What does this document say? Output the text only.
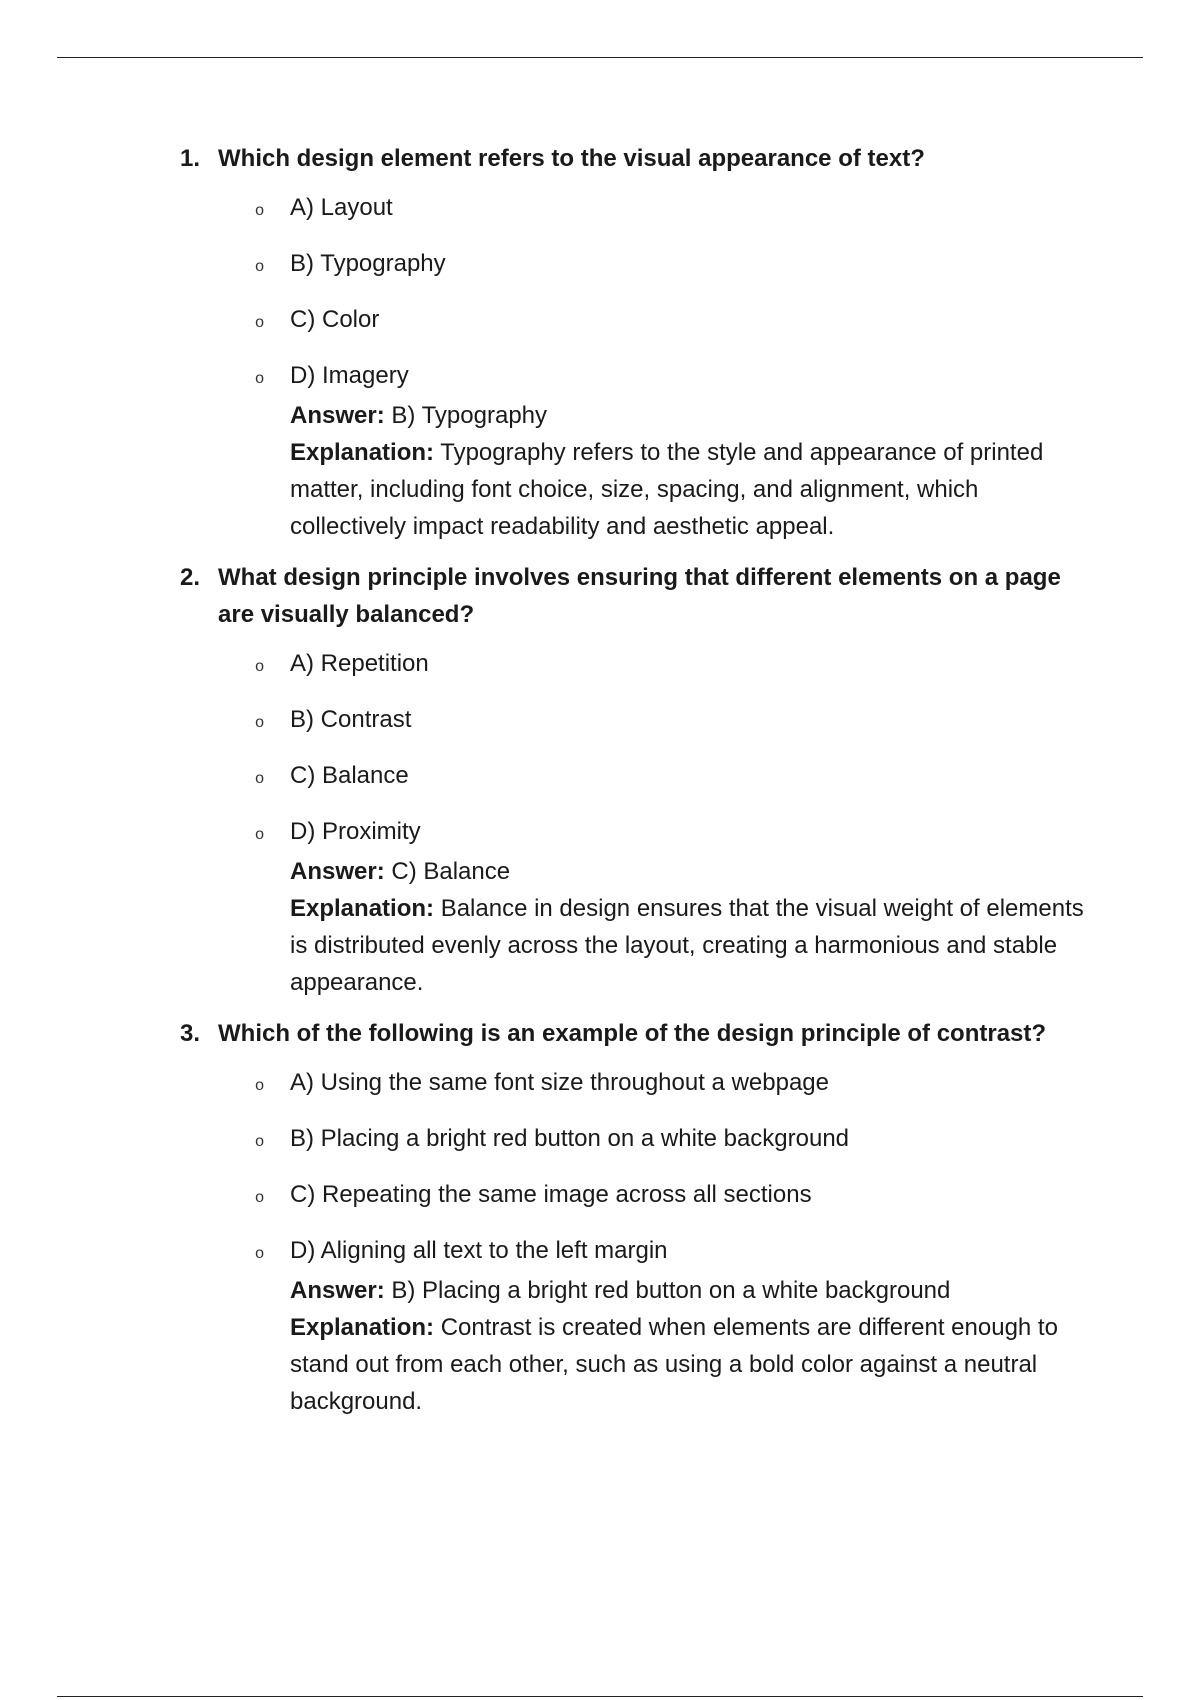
1. Which design element refers to the visual appearance of text?
o	A) Layout
o	B) Typography
o	C) Color
o	D) Imagery
Answer: B) Typography
Explanation: Typography refers to the style and appearance of printed matter, including font choice, size, spacing, and alignment, which collectively impact readability and aesthetic appeal.
2. What design principle involves ensuring that different elements on a page are visually balanced?
o	A) Repetition
o	B) Contrast
o	C) Balance
o	D) Proximity
Answer: C) Balance
Explanation: Balance in design ensures that the visual weight of elements is distributed evenly across the layout, creating a harmonious and stable appearance.
3. Which of the following is an example of the design principle of contrast?
o	A) Using the same font size throughout a webpage
o	B) Placing a bright red button on a white background
o	C) Repeating the same image across all sections
o	D) Aligning all text to the left margin
Answer: B) Placing a bright red button on a white background
Explanation: Contrast is created when elements are different enough to stand out from each other, such as using a bold color against a neutral background.
